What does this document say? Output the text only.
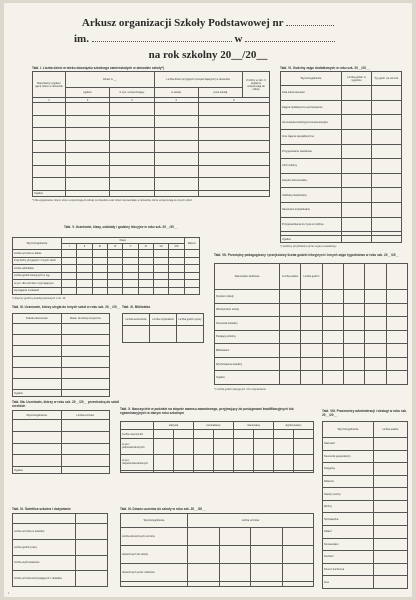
Arkusz organizacji Szkoły Podstawowej nr
im.	w
na rok szkolny 20__/20__
Tabl. I. Liczba dzieci w wieku obowiązku szkolnego zamieszkałych w obwodzie szkoły*)
Mieszkańcy (ogółem ujęci) dzieci w obwodzie	Dzieci w __		Liczba dzieci przyjętych (uczęszczających) w obwodzie		Z liczby w rubr. 3 (ogółem) uczęszczają do szkoły
	ogółem	w tym: uczęszczający	w szkole	poza szkołą	
1	2	3	4	5	

Ogółem					
*) Dla wyjaśnienia: dzieci, które uczęszczają do szkoły w obwodzie oraz dzieci zamieszkałe w obwodzie, które uczęszczają do innych szkół.
Tabl. VI. Godziny zajęć dodatkowych w roku szk. 20__/20__
Wyszczególnienie	Liczba godzin w tygodniu	Typ godz. na rok szk.
Koła zainteresowań		
Zajęcia dydaktyczno-wyrównawcze		
Gimnastyka korekcyjno-kompensacyjna		
Inne zajęcia specjalistyczne		
Przygotowanie zawodowe		
Chór szkolny		
Zespół instrumentalny		
Oddział przedszkolny		
Nauczanie indywidualne		
Przysposobienie do życia w rodzinie		

Ogółem		
*) Godziny przydzielone przez organ prowadzący
Tabl. V. Uczniowie, klasy, oddziały i godziny lekcyjne w roku szk. 20__/20__
Wyszczególnienie	Klasy								Razem
	I	II	III	IV	V	VI	VII	VIII	
Liczba uczniów w klasie									
Z tej liczby przyjętych z innych szkół									
Liczba oddziałów									
Liczba godzin lekcyjnych w tyg.									
w tym: dla uczniów z wymaganymi									
wymagania w klasach									
*) dotyczy godzin ponadwymiarowych z art. 42
Tabl. VII. Przeciętny pedagogiczny i przejściowy liczba godzin lekcyjnych i innych zajęć tygodniowo w roku szk. 20__/20__
Stanowisko służbowe	Liczba etatów	Liczba godzin				
Dyrektor szkoły						
Wicedyrektor szkoły						
Kierownik świetlicy						
Pedagog szkolny						
Bibliotekarz						
Wychowawca świetlicy						
Ogółem						
*) Liczba godzin lekcyjnych i ich uzupełnienie
Tabl. III. Uczniowie, którzy uległa do innych szkół w roku szk. 20__/20__
Szkoła ukończenia	Klasa, do której uczęszcza

Ogółem	
Tabl. XI. Biblioteka
Liczba woluminów	Liczba czytelników	Liczba godzin pracy

Tabl. IIIa. Uczniowie, którzy w roku szk. 20__/20__ przechodzą do szkół średnich
Wyszczególnienie	Liczba uczniów

Ogółem	
Tabl. X. Nauczyciele w podziale na stopnie awansu zawodowego, przyjmujący do postępowań kwalifikacyjnych lub egzaminacyjnych w danym roku szkolnym
	stażysta		kontraktowy		mianowany		dyplomowany	
Liczba nauczycieli								
w tym: pełnozatrudnionych								
w tym: niepełnozatrudnionych								

Tabl. VIII. Pracownicy administracji i obsługi w roku szk. 20__/20__
Wyszczególnienie	Liczba etatów
Sekretarz	
Kierownik gospodarczy	
Księgowy	
Referent	
Starszy woźny	
Woźny	
Sprzątaczka	
Palacz	
Konserwator	
Kucharz	
Pomoc kuchenna	
Inne	
Tabl. IX. Świetlica szkolna i dożywianie

Liczba uczniów w świetlicy	
Liczba godzin pracy	
Liczba wychowawców	
Liczba uczniów korzystających z obiadów	
Tabl. III. Dowóz uczniów do szkoły w roku szk. 20__/20__
Wyszczególnienie	Liczba uczniów			
Liczba dowożonych uczniów				
dowożonych do szkoły				
dowożonych przez rodziców				

1
